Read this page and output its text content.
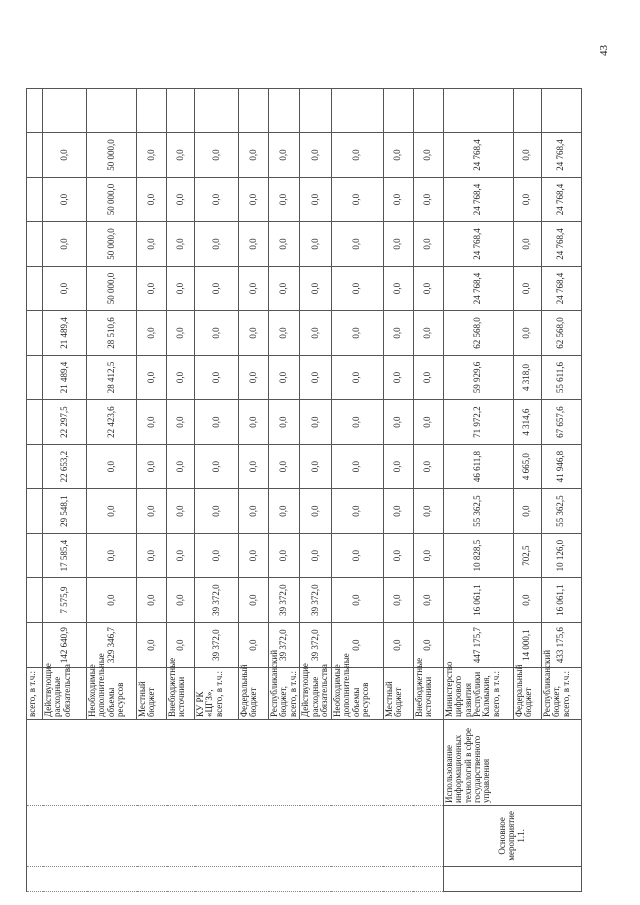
43
			всего, в т.ч.:													
			Действующие расходные обязательства	142 640,9	7 575,9	17 585,4	29 548,1	22 653,2	22 297,5	21 489,4	21 489,4	0,0	0,0	0,0	0,0	
			Необходимые дополнительные объемы ресурсов	329 346,7	0,0	0,0	0,0	0,0	22 423,6	28 412,5	28 510,6	50 000,0	50 000,0	50 000,0	50 000,0	
			Местный бюджет	0,0	0,0	0,0	0,0	0,0	0,0	0,0	0,0	0,0	0,0	0,0	0,0	
			Внебюджетные источники	0,0	0,0	0,0	0,0	0,0	0,0	0,0	0,0	0,0	0,0	0,0	0,0	
			КУ РК «ЦГЗ», всего, в т.ч.:	39 372,0	39 372,0	0,0	0,0	0,0	0,0	0,0	0,0	0,0	0,0	0,0	0,0	
			Федеральный бюджет	0,0	0,0	0,0	0,0	0,0	0,0	0,0	0,0	0,0	0,0	0,0	0,0	
			Республиканский бюджет, всего, в т.ч.:	39 372,0	39 372,0	0,0	0,0	0,0	0,0	0,0	0,0	0,0	0,0	0,0	0,0	
			Действующие расходные обязательства	39 372,0	39 372,0	0,0	0,0	0,0	0,0	0,0	0,0	0,0	0,0	0,0	0,0	
			Необходимые дополнительные объемы ресурсов	0,0	0,0	0,0	0,0	0,0	0,0	0,0	0,0	0,0	0,0	0,0	0,0	
			Местный бюджет	0,0	0,0	0,0	0,0	0,0	0,0	0,0	0,0	0,0	0,0	0,0	0,0	
			Внебюджетные источники	0,0	0,0	0,0	0,0	0,0	0,0	0,0	0,0	0,0	0,0	0,0	0,0	
	Основное мероприятие 1.1.	Использование информационных технологий в сфере государственного управления	Министерство цифрового развития Республики Калмыкия, всего, в т.ч.:	447 175,7	16 061,1	10 828,5	55 362,5	46 611,8	71 972,2	59 929,6	62 568,0	24 768,4	24 768,4	24 768,4	24 768,4	
			Федеральный бюджет	14 000,1	0,0	702,5	0,0	4 665,0	4 314,6	4 318,0	0,0	0,0	0,0	0,0	0,0	
			Республиканский бюджет, всего, в т.ч.:	433 175,6	16 061,1	10 126,0	55 362,5	41 946,8	67 657,6	55 611,6	62 568,0	24 768,4	24 768,4	24 768,4	24 768,4	
